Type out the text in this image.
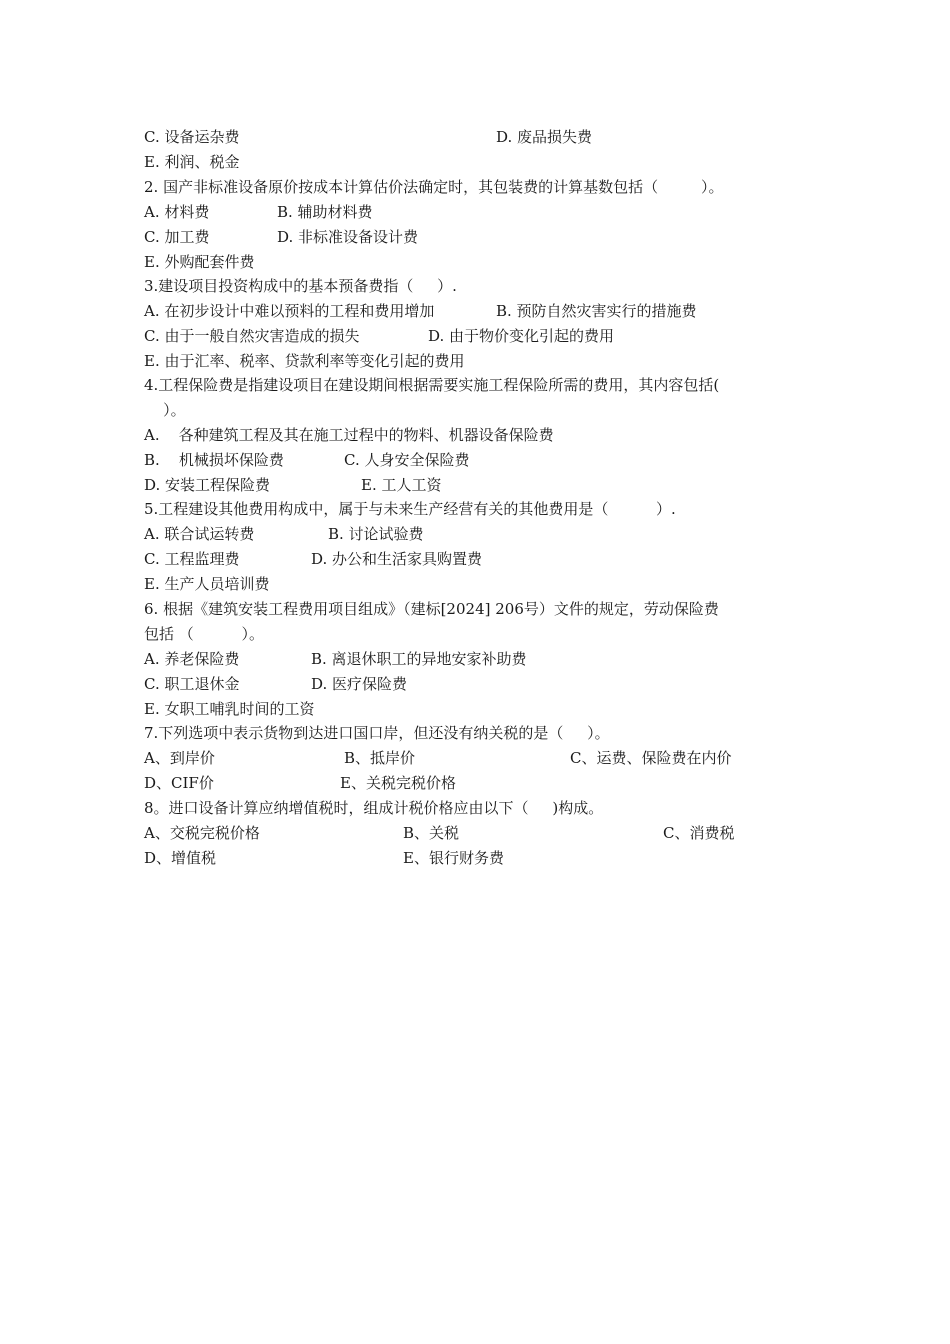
C. 设备运杂费

	D. 废品损失费

E. 利润、税金

2. 国产非标准设备原价按成本计算估价法确定时，其包装费的计算基数包括（         ）。

A. 材料费

	B. 辅助材料费

C. 加工费

	D. 非标准设备设计费

E. 外购配套件费

3.建设项目投资构成中的基本预备费指（     ）.

A. 在初步设计中难以预料的工程和费用增加

	B. 预防自然灾害实行的措施费

C. 由于一般自然灾害造成的损失

	D. 由于物价变化引起的费用

E. 由于汇率、税率、贷款利率等变化引起的费用

4.工程保险费是指建设项目在建设期间根据需要实施工程保险所需的费用，其内容包括(

）。

A.    各种建筑工程及其在施工过程中的物料、机器设备保险费

B.    机械损坏保险费

	C. 人身安全保险费

D. 安装工程保险费

	E. 工人工资

5.工程建设其他费用构成中，属于与未来生产经营有关的其他费用是（          ）.

A. 联合试运转费

	B. 讨论试验费

C. 工程监理费

	D. 办公和生活家具购置费

E. 生产人员培训费

6. 根据《建筑安装工程费用项目组成》（建标[2024] 206号）文件的规定，劳动保险费

包括 （          ）。

A. 养老保险费

	B. 离退休职工的异地安家补助费

C. 职工退休金

	D. 医疗保险费

E. 女职工哺乳时间的工资

7.下列选项中表示货物到达进口国口岸，但还没有纳关税的是（     ）。

A、到岸价

	B、抵岸价

	C、运费、保险费在内价

D、CIF价

	E、关税完税价格

8。进口设备计算应纳增值税时，组成计税价格应由以下（     )构成。

A、交税完税价格

	B、关税

	C、消费税

D、增值税

	E、银行财务费
